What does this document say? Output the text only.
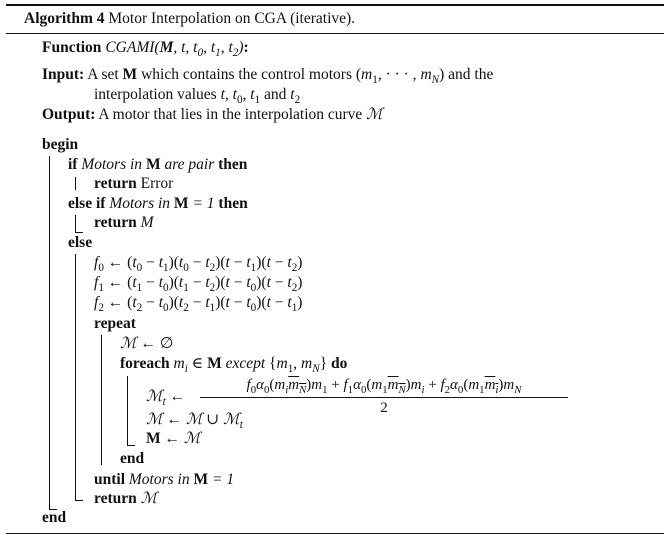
Algorithm 4 Motor Interpolation on CGA (iterative).
Function CGAMI(M, t, $t_0$, $t_1$, $t_2$):
Input: A set M which contains the control motors ($m_1$, · · · , $m_N$) and the
interpolation values t, $t_0$, $t_1$ and $t_2$
Output: A motor that lies in the interpolation curve ℳ
begin
if Motors in M are pair then
return Error
else if Motors in M = 1 then
return M
else
$f_0$ ← $(t_0 - t_1)(t_0 - t_2)(t - t_1)(t - t_2)$
$f_1$ ← $(t_1 - t_0)(t_1 - t_2)(t - t_0)(t - t_2)$
$f_2$ ← $(t_2 - t_0)(t_2 - t_1)(t - t_0)(t - t_1)$
repeat
ℳ ← ∅
foreach $m_i$ ∈ M except {$m_1$, $m_N$} do
ℳ$_t$ ←
$f_0\alpha_0(m_im_N)m_1 + f_1\alpha_0(m_1m_N)m_i + f_2\alpha_0(m_1m_i)m_N$
2
ℳ ← ℳ ∪ ℳ$_t$
M ← ℳ
end
until Motors in M = 1
return ℳ
end
